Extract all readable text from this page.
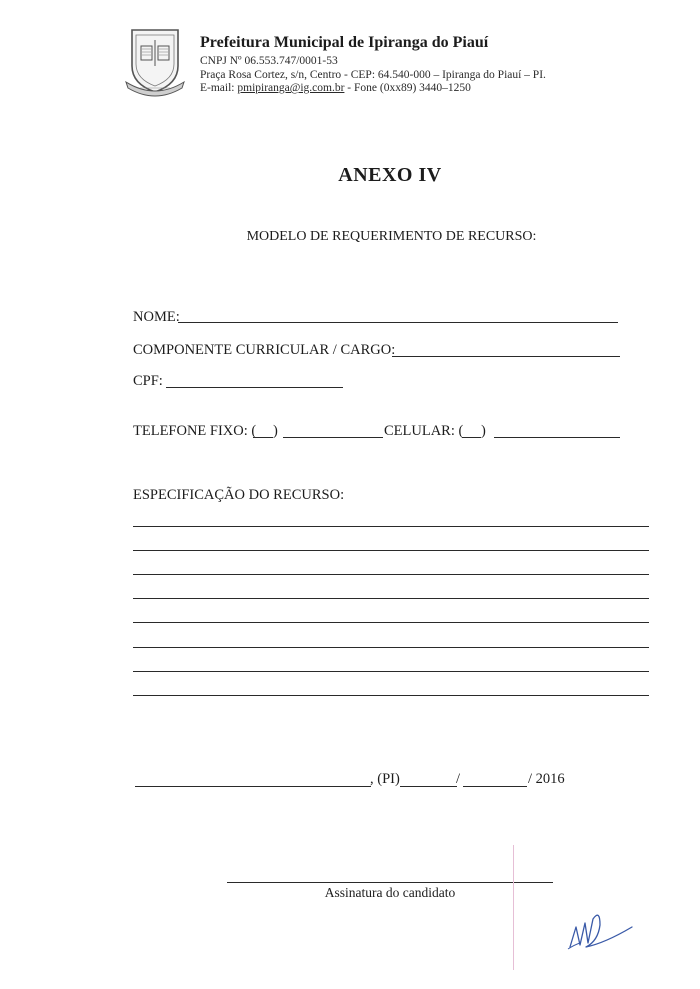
Prefeitura Municipal de Ipiranga do Piauí
CNPJ Nº 06.553.747/0001-53
Praça Rosa Cortez, s/n, Centro - CEP: 64.540-000 – Ipiranga do Piauí – PI.
E-mail: pmipiranga@ig.com.br - Fone (0xx89) 3440–1250
ANEXO IV
MODELO DE REQUERIMENTO DE RECURSO:
NOME:
COMPONENTE CURRICULAR / CARGO:
CPF:
TELEFONE FIXO: ( )	CELULAR: ( )
ESPECIFICAÇÃO DO RECURSO:
, (PI)	/	/ 2016
Assinatura do candidato
